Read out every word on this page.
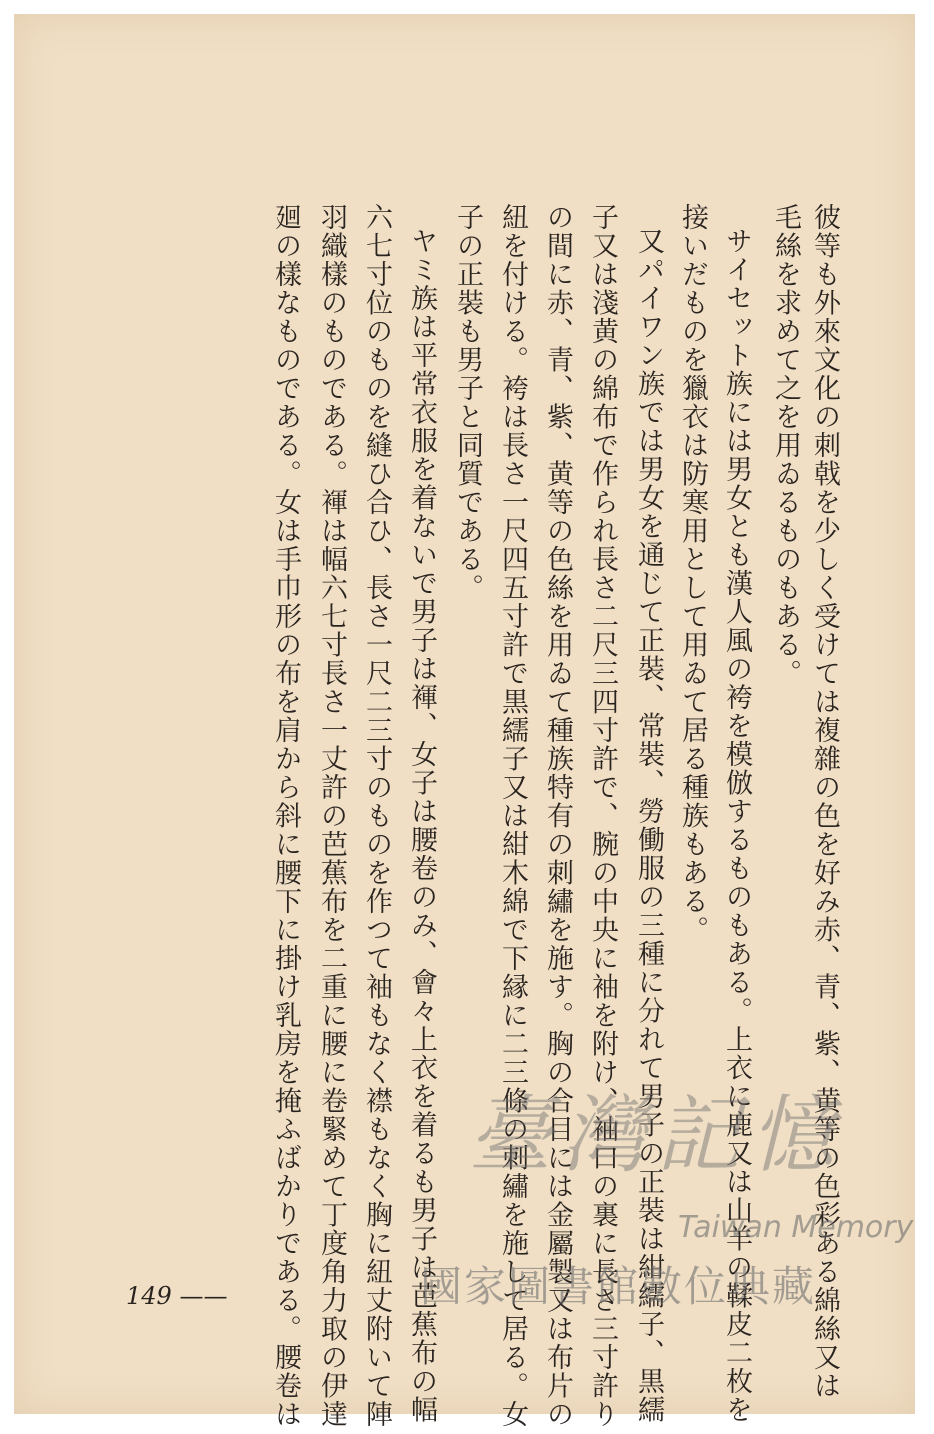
彼等も外來文化の刺戟を少しく受けては複雜の色を好み赤、青、紫、黄等の色彩ある綿絲又は
毛絲を求めて之を用ゐるものもある。
サイセット族には男女とも漢人風の袴を模倣するものもある。上衣に鹿又は山羊の鞣皮二枚を
接いだものを獵衣は防寒用として用ゐて居る種族もある。
又パイワン族では男女を通じて正裝、常裝、勞働服の三種に分れて男子の正裝は紺繻子、黒繻
子又は淺黄の綿布で作られ長さ二尺三四寸許で、腕の中央に袖を附け、袖口の裏に長さ三寸許り
の間に赤、青、紫、黄等の色絲を用ゐて種族特有の刺繡を施す。胸の合目には金屬製又は布片の
紐を付ける。袴は長さ一尺四五寸許で黒繻子又は紺木綿で下縁に二三條の刺繡を施して居る。女
子の正裝も男子と同質である。
ヤミ族は平常衣服を着ないで男子は褌、女子は腰卷のみ、會々上衣を着るも男子は芭蕉布の幅
六七寸位のものを縫ひ合ひ、長さ一尺二三寸のものを作つて袖もなく襟もなく胸に紐丈附いて陣
羽織樣のものである。褌は幅六七寸長さ一丈許の芭蕉布を二重に腰に卷緊めて丁度角力取の伊達
廻の樣なものである。女は手巾形の布を肩から斜に腰下に掛け乳房を掩ふばかりである。腰卷は
149 ——
臺灣記憶
Taiwan Memory
國家圖書館數位典藏
